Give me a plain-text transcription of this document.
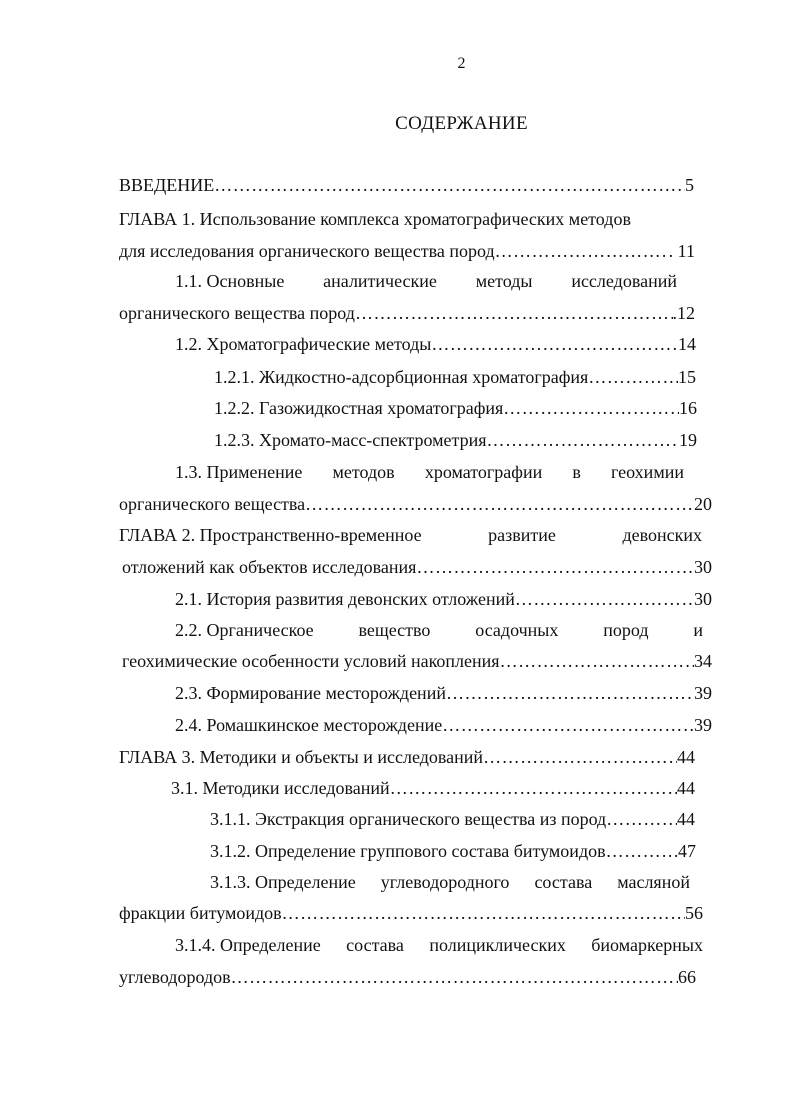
2
СОДЕРЖАНИЕ
ВВЕДЕНИЕ ……………………………………………………………………………………………………………………………………………………	5
ГЛАВА 1. Использование комплекса хроматографических методов
для исследования органического вещества пород ……………………………………………………………………………………………………………………………………………………	. 11
1.1. Основные аналитические методы исследований
органического вещества пород ……………………………………………………………………………………………………………………………………………………	.12
1.2. Хроматографические методы ……………………………………………………………………………………………………………………………………………………	14
1.2.1. Жидкостно-адсорбционная хроматография ……………………………………………………………………………………………………………………………………………………	15
1.2.2. Газожидкостная хроматография ……………………………………………………………………………………………………………………………………………………	16
1.2.3. Хромато-масс-спектрометрия ……………………………………………………………………………………………………………………………………………………	19
1.3. Применение методов хроматографии в геохимии
органического вещества ……………………………………………………………………………………………………………………………………………………	20
ГЛАВА 2. Пространственно-временное	развитие	девонских
отложений как объектов исследования ……………………………………………………………………………………………………………………………………………………	30
2.1. История развития девонских отложений ……………………………………………………………………………………………………………………………………………………	30
2.2. Органическое вещество осадочных пород и
геохимические особенности условий накопления ……………………………………………………………………………………………………………………………………………………	34
2.3. Формирование месторождений ……………………………………………………………………………………………………………………………………………………	39
2.4. Ромашкинское месторождение ……………………………………………………………………………………………………………………………………………………	39
ГЛАВА 3. Методики и объекты и исследований ……………………………………………………………………………………………………………………………………………………	44
3.1. Методики исследований ……………………………………………………………………………………………………………………………………………………	44
3.1.1. Экстракция органического вещества из пород ……………………………………………………………………………………………………………………………………………………	44
3.1.2. Определение группового состава битумоидов ……………………………………………………………………………………………………………………………………………………	47
3.1.3. Определение углеводородного состава масляной
фракции битумоидов ……………………………………………………………………………………………………………………………………………………	56
3.1.4. Определение состава полициклических биомаркерных
углеводородов ……………………………………………………………………………………………………………………………………………………	66
